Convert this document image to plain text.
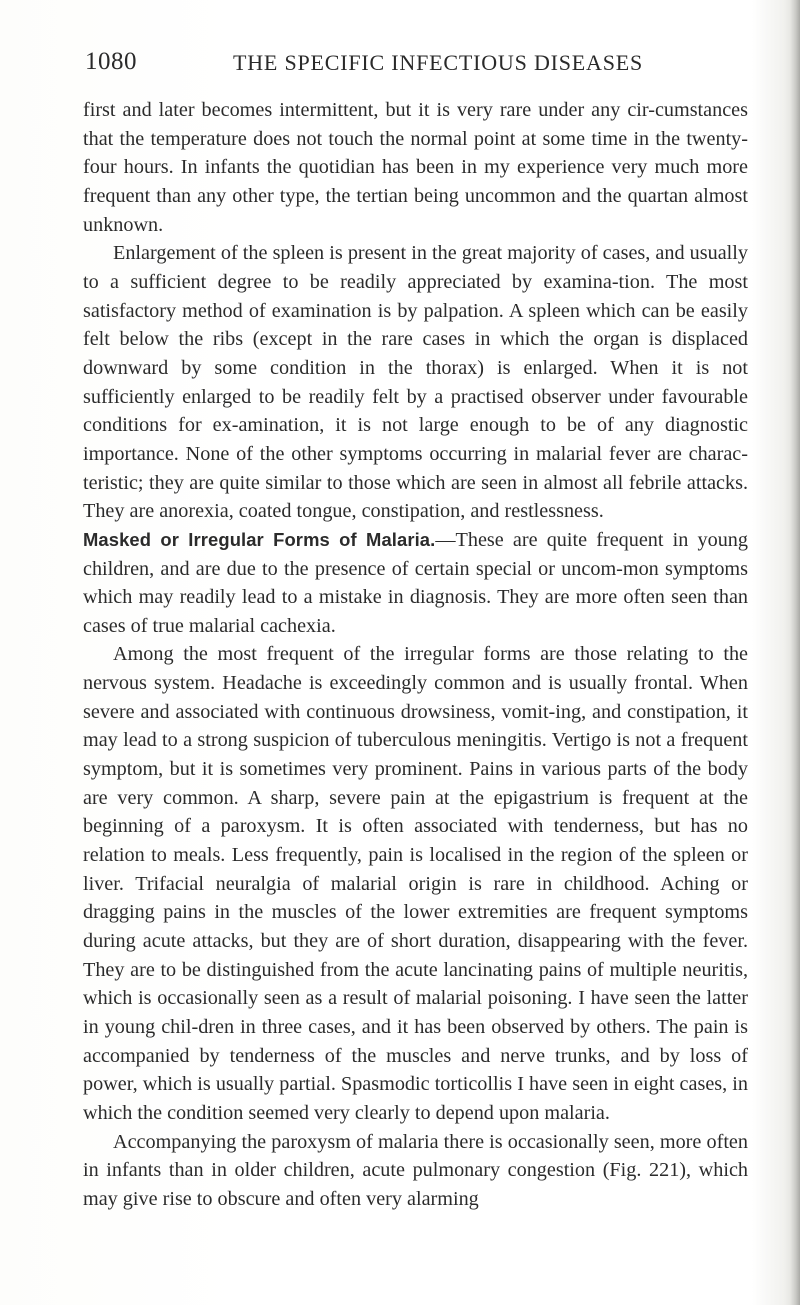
1080	THE SPECIFIC INFECTIOUS DISEASES

first and later becomes intermittent, but it is very rare under any cir-cumstances that the temperature does not touch the normal point at some time in the twenty-four hours. In infants the quotidian has been in my experience very much more frequent than any other type, the tertian being uncommon and the quartan almost unknown.

Enlargement of the spleen is present in the great majority of cases, and usually to a sufficient degree to be readily appreciated by examina-tion. The most satisfactory method of examination is by palpation. A spleen which can be easily felt below the ribs (except in the rare cases in which the organ is displaced downward by some condition in the thorax) is enlarged. When it is not sufficiently enlarged to be readily felt by a practised observer under favourable conditions for ex-amination, it is not large enough to be of any diagnostic importance. None of the other symptoms occurring in malarial fever are charac-teristic; they are quite similar to those which are seen in almost all febrile attacks. They are anorexia, coated tongue, constipation, and restlessness.

Masked or Irregular Forms of Malaria.—These are quite frequent in young children, and are due to the presence of certain special or uncom-mon symptoms which may readily lead to a mistake in diagnosis. They are more often seen than cases of true malarial cachexia.

Among the most frequent of the irregular forms are those relating to the nervous system. Headache is exceedingly common and is usually frontal. When severe and associated with continuous drowsiness, vomit-ing, and constipation, it may lead to a strong suspicion of tuberculous meningitis. Vertigo is not a frequent symptom, but it is sometimes very prominent. Pains in various parts of the body are very common. A sharp, severe pain at the epigastrium is frequent at the beginning of a paroxysm. It is often associated with tenderness, but has no relation to meals. Less frequently, pain is localised in the region of the spleen or liver. Trifacial neuralgia of malarial origin is rare in childhood. Aching or dragging pains in the muscles of the lower extremities are frequent symptoms during acute attacks, but they are of short duration, disappearing with the fever. They are to be distinguished from the acute lancinating pains of multiple neuritis, which is occasionally seen as a result of malarial poisoning. I have seen the latter in young chil-dren in three cases, and it has been observed by others. The pain is accompanied by tenderness of the muscles and nerve trunks, and by loss of power, which is usually partial. Spasmodic torticollis I have seen in eight cases, in which the condition seemed very clearly to depend upon malaria.

Accompanying the paroxysm of malaria there is occasionally seen, more often in infants than in older children, acute pulmonary congestion (Fig. 221), which may give rise to obscure and often very alarming
